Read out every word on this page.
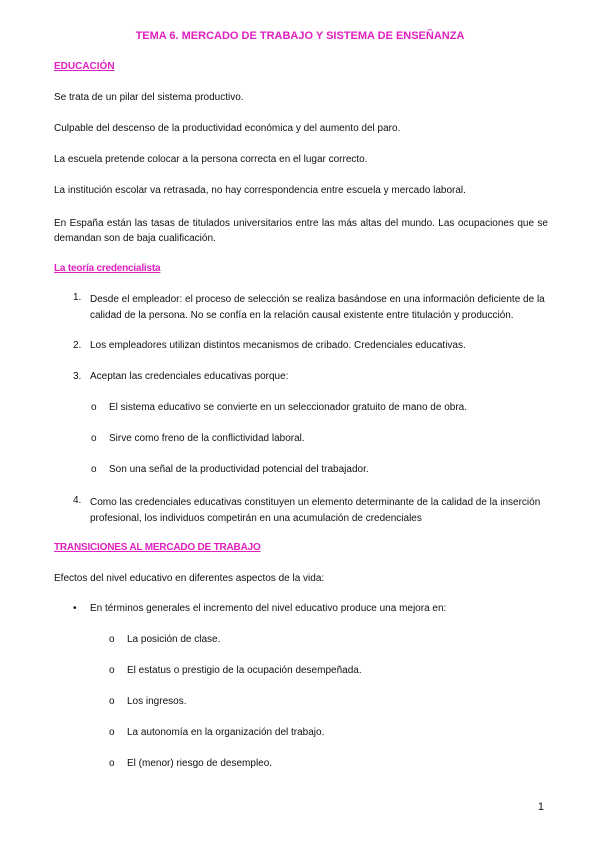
TEMA 6. MERCADO DE TRABAJO Y SISTEMA DE ENSEÑANZA
EDUCACIÓN
Se trata de un pilar del sistema productivo.
Culpable del descenso de la productividad económica y del aumento del paro.
La escuela pretende colocar a la persona correcta en el lugar correcto.
La institución escolar va retrasada, no hay correspondencia entre escuela y mercado laboral.
En España están las tasas de titulados universitarios entre las más altas del mundo. Las ocupaciones que se demandan son de baja cualificación.
La teoría credencialista
1. Desde el empleador: el proceso de selección se realiza basándose en una información deficiente de la calidad de la persona. No se confía en la relación causal existente entre titulación y producción.
2. Los empleadores utilizan distintos mecanismos de cribado. Credenciales educativas.
3. Aceptan las credenciales educativas porque:
o El sistema educativo se convierte en un seleccionador gratuito de mano de obra.
o Sirve como freno de la conflictividad laboral.
o Son una señal de la productividad potencial del trabajador.
4. Como las credenciales educativas constituyen un elemento determinante de la calidad de la inserción profesional, los individuos competirán en una acumulación de credenciales
TRANSICIONES AL MERCADO DE TRABAJO
Efectos del nivel educativo en diferentes aspectos de la vida:
• En términos generales el incremento del nivel educativo produce una mejora en:
o La posición de clase.
o El estatus o prestigio de la ocupación desempeñada.
o Los ingresos.
o La autonomía en la organización del trabajo.
o El (menor) riesgo de desempleo.
1
